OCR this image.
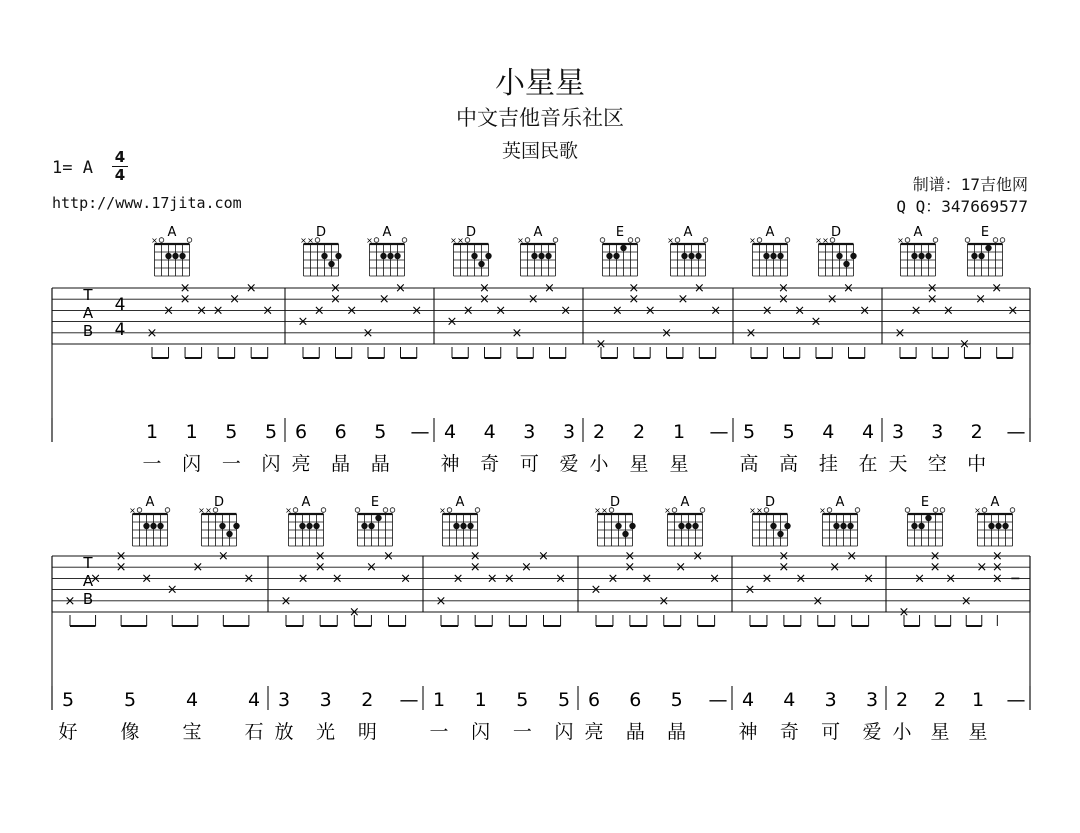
小星星
中文吉他音乐社区
英国民歌
1= A
4
4
http://www.17jita.com
制谱：17吉他网
Q Q：347669577
T
A
B
4
4 ×
×
×
×
× ×
×
×
×
1 1 5 5
一 闪 一 闪
×
×
×
×
×
×
×
×
×
6 6 5 —
亮 晶 晶
×
×
×
×
×
×
×
×
×
4 4 3 3
神 奇 可 爱
×
×
×
×
×
×
×
×
×
2 2 1 —
小 星 星
×
×
×
×
×
×
×
×
×
5 5 4 4
高 高 挂 在
×
×
×
×
×
×
×
×
×
3 3 2 —
天 空 中
A
×
D
× ×
A
×
D
× ×
A
×
E	A
×
A
×
D
× ×
A
×
E
T
A
B
×
×
×
×
×
×
×
×
×
5	5	4	4
好 像 宝 石
×
×
×
×
×
×
×
×
×
3 3 2 —
放 光 明
×
×
×
×
× ×
×
×
×
1 1 5 5
一 闪 一 闪
×
×
×
×
×
×
×
×
×
6 6 5 —
亮 晶 晶
×
×
×
×
×
×
×
×
×
4 4 3 3
神 奇 可 爱
×
×
×
×
×
×
×
×
×
×
2 2 1 —
小 星 星
A
×
D
× ×
A
×
E	A
×
D
× ×
A
×
D
× ×
A
×
E	A
×
